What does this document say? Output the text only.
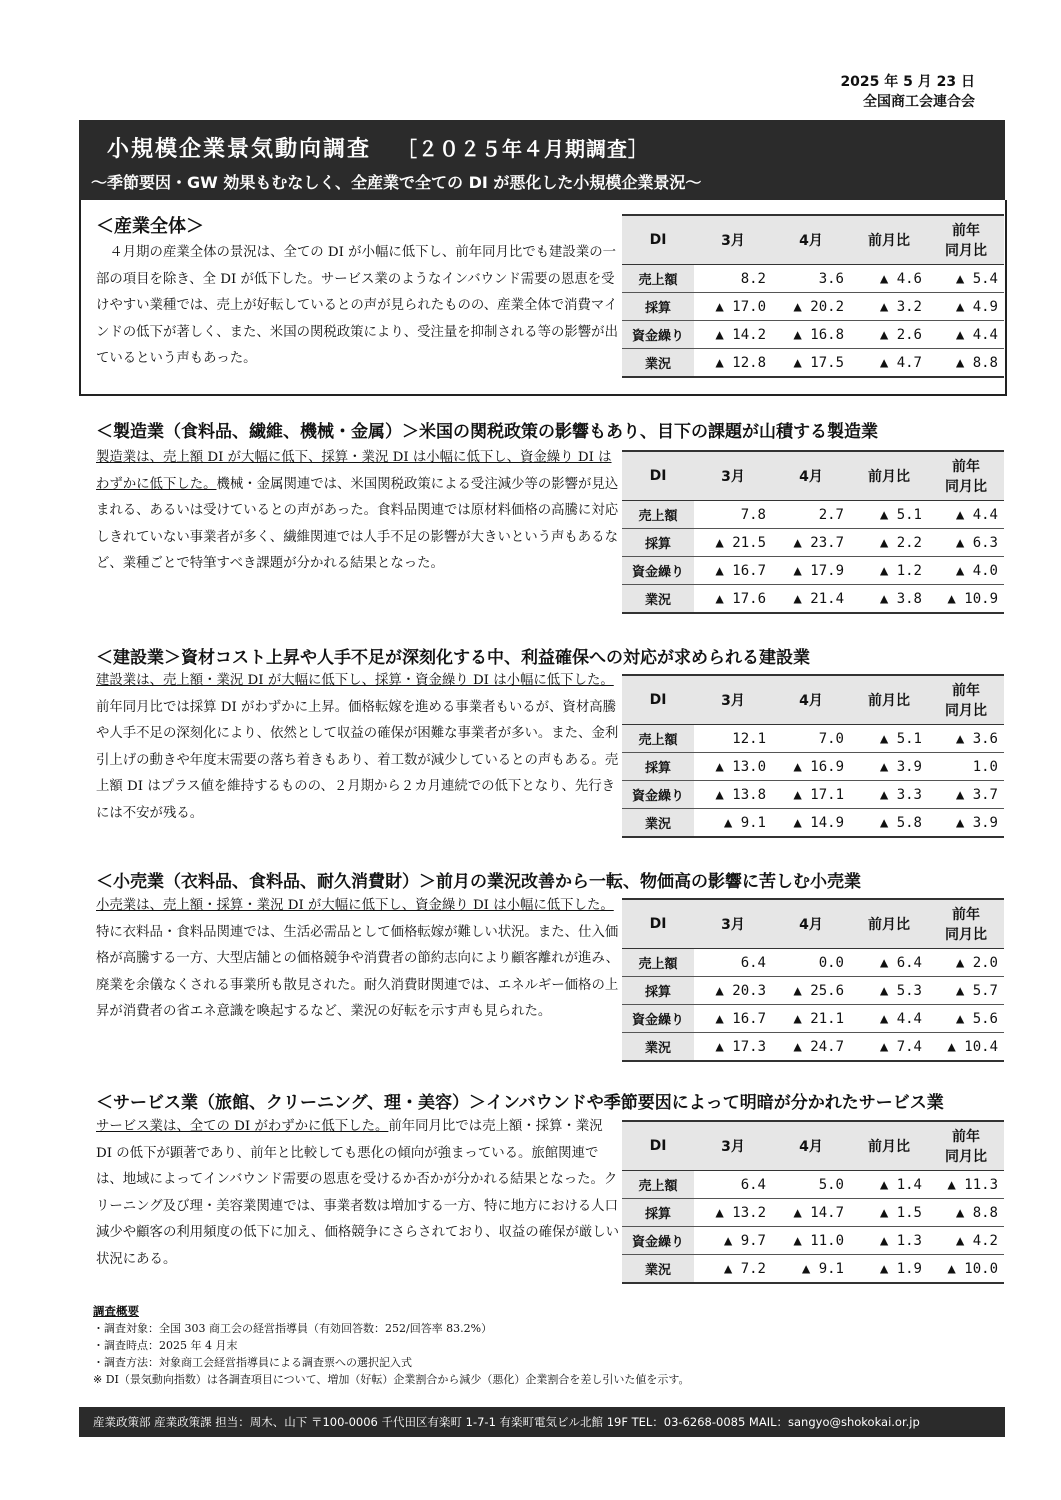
2025 年 5 月 23 日
全国商工会連合会
小規模企業景気動向調査 ［２０２５年４月期調査］
～季節要因・GW 効果もむなしく、全産業で全ての DI が悪化した小規模企業景況～
＜産業全体＞
　４月期の産業全体の景況は、全ての DI が小幅に低下し、前年同月比でも建設業の一部の項目を除き、全 DI が低下した。サービス業のようなインバウンド需要の恩恵を受けやすい業種では、売上が好転しているとの声が見られたものの、産業全体で消費マインドの低下が著しく、また、米国の関税政策により、受注量を抑制される等の影響が出ているという声もあった。
DI	3月	4月	前月比	前年
同月比

売上額	8.2	3.6	▲ 4.6	▲ 5.4
採算	▲ 17.0	▲ 20.2	▲ 3.2	▲ 4.9
資金繰り	▲ 14.2	▲ 16.8	▲ 2.6	▲ 4.4
業況	▲ 12.8	▲ 17.5	▲ 4.7	▲ 8.8
＜製造業（食料品、繊維、機械・金属）＞米国の関税政策の影響もあり、目下の課題が山積する製造業
製造業は、売上額 DI が大幅に低下、採算・業況 DI は小幅に低下し、資金繰り DI はわずかに低下した。機械・金属関連では、米国関税政策による受注減少等の影響が見込まれる、あるいは受けているとの声があった。食料品関連では原材料価格の高騰に対応しきれていない事業者が多く、繊維関連では人手不足の影響が大きいという声もあるなど、業種ごとで特筆すべき課題が分かれる結果となった。
DI	3月	4月	前月比	前年
同月比

売上額	7.8	2.7	▲ 5.1	▲ 4.4
採算	▲ 21.5	▲ 23.7	▲ 2.2	▲ 6.3
資金繰り	▲ 16.7	▲ 17.9	▲ 1.2	▲ 4.0
業況	▲ 17.6	▲ 21.4	▲ 3.8	▲ 10.9
＜建設業＞資材コスト上昇や人手不足が深刻化する中、利益確保への対応が求められる建設業
建設業は、売上額・業況 DI が大幅に低下し、採算・資金繰り DI は小幅に低下した。前年同月比では採算 DI がわずかに上昇。価格転嫁を進める事業者もいるが、資材高騰や人手不足の深刻化により、依然として収益の確保が困難な事業者が多い。また、金利引上げの動きや年度末需要の落ち着きもあり、着工数が減少しているとの声もある。売上額 DI はプラス値を維持するものの、２月期から２カ月連続での低下となり、先行きには不安が残る。
DI	3月	4月	前月比	前年
同月比

売上額	12.1	7.0	▲ 5.1	▲ 3.6
採算	▲ 13.0	▲ 16.9	▲ 3.9	1.0
資金繰り	▲ 13.8	▲ 17.1	▲ 3.3	▲ 3.7
業況	▲ 9.1	▲ 14.9	▲ 5.8	▲ 3.9
＜小売業（衣料品、食料品、耐久消費財）＞前月の業況改善から一転、物価高の影響に苦しむ小売業
小売業は、売上額・採算・業況 DI が大幅に低下し、資金繰り DI は小幅に低下した。特に衣料品・食料品関連では、生活必需品として価格転嫁が難しい状況。また、仕入価格が高騰する一方、大型店舗との価格競争や消費者の節約志向により顧客離れが進み、廃業を余儀なくされる事業所も散見された。耐久消費財関連では、エネルギー価格の上昇が消費者の省エネ意識を喚起するなど、業況の好転を示す声も見られた。
DI	3月	4月	前月比	前年
同月比

売上額	6.4	0.0	▲ 6.4	▲ 2.0
採算	▲ 20.3	▲ 25.6	▲ 5.3	▲ 5.7
資金繰り	▲ 16.7	▲ 21.1	▲ 4.4	▲ 5.6
業況	▲ 17.3	▲ 24.7	▲ 7.4	▲ 10.4
＜サービス業（旅館、クリーニング、理・美容）＞インバウンドや季節要因によって明暗が分かれたサービス業
サービス業は、全ての DI がわずかに低下した。前年同月比では売上額・採算・業況 DI の低下が顕著であり、前年と比較しても悪化の傾向が強まっている。旅館関連では、地域によってインバウンド需要の恩恵を受けるか否かが分かれる結果となった。クリーニング及び理・美容業関連では、事業者数は増加する一方、特に地方における人口減少や顧客の利用頻度の低下に加え、価格競争にさらされており、収益の確保が厳しい状況にある。
DI	3月	4月	前月比	前年
同月比

売上額	6.4	5.0	▲ 1.4	▲ 11.3
採算	▲ 13.2	▲ 14.7	▲ 1.5	▲ 8.8
資金繰り	▲ 9.7	▲ 11.0	▲ 1.3	▲ 4.2
業況	▲ 7.2	▲ 9.1	▲ 1.9	▲ 10.0
調査概要
・調査対象：全国 303 商工会の経営指導員（有効回答数：252/回答率 83.2%）
・調査時点：2025 年 4 月末
・調査方法：対象商工会経営指導員による調査票への選択記入式
※ DI（景気動向指数）は各調査項目について、増加（好転）企業割合から減少（悪化）企業割合を差し引いた値を示す。
産業政策部 産業政策課 担当：周木、山下 〒100-0006 千代田区有楽町 1-7-1 有楽町電気ビル北館 19F TEL：03-6268-0085 MAIL：sangyo@shokokai.or.jp
